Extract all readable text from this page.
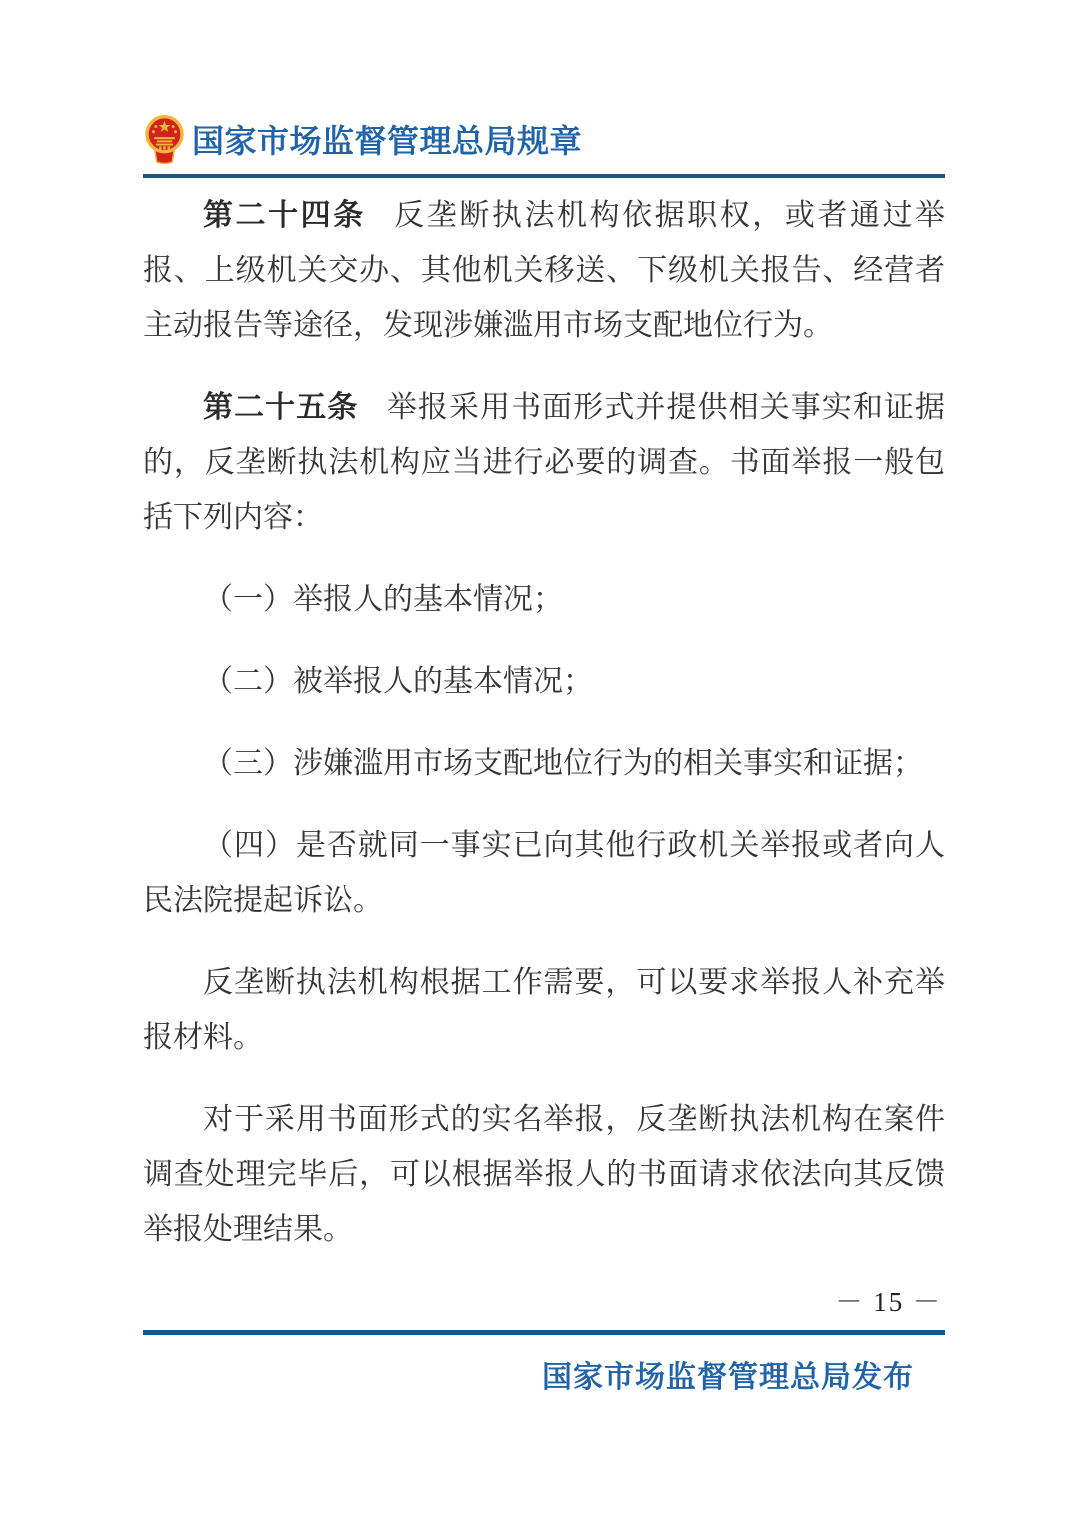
国家市场监督管理总局规章

第二十四条 反垄断执法机构依据职权，或者通过举报、上级机关交办、其他机关移送、下级机关报告、经营者主动报告等途径，发现涉嫌滥用市场支配地位行为。

第二十五条 举报采用书面形式并提供相关事实和证据的，反垄断执法机构应当进行必要的调查。书面举报一般包括下列内容：

（一）举报人的基本情况；

（二）被举报人的基本情况；

（三）涉嫌滥用市场支配地位行为的相关事实和证据；

（四）是否就同一事实已向其他行政机关举报或者向人民法院提起诉讼。

反垄断执法机构根据工作需要，可以要求举报人补充举报材料。

对于采用书面形式的实名举报，反垄断执法机构在案件调查处理完毕后，可以根据举报人的书面请求依法向其反馈举报处理结果。

－ 15 －
国家市场监督管理总局发布
